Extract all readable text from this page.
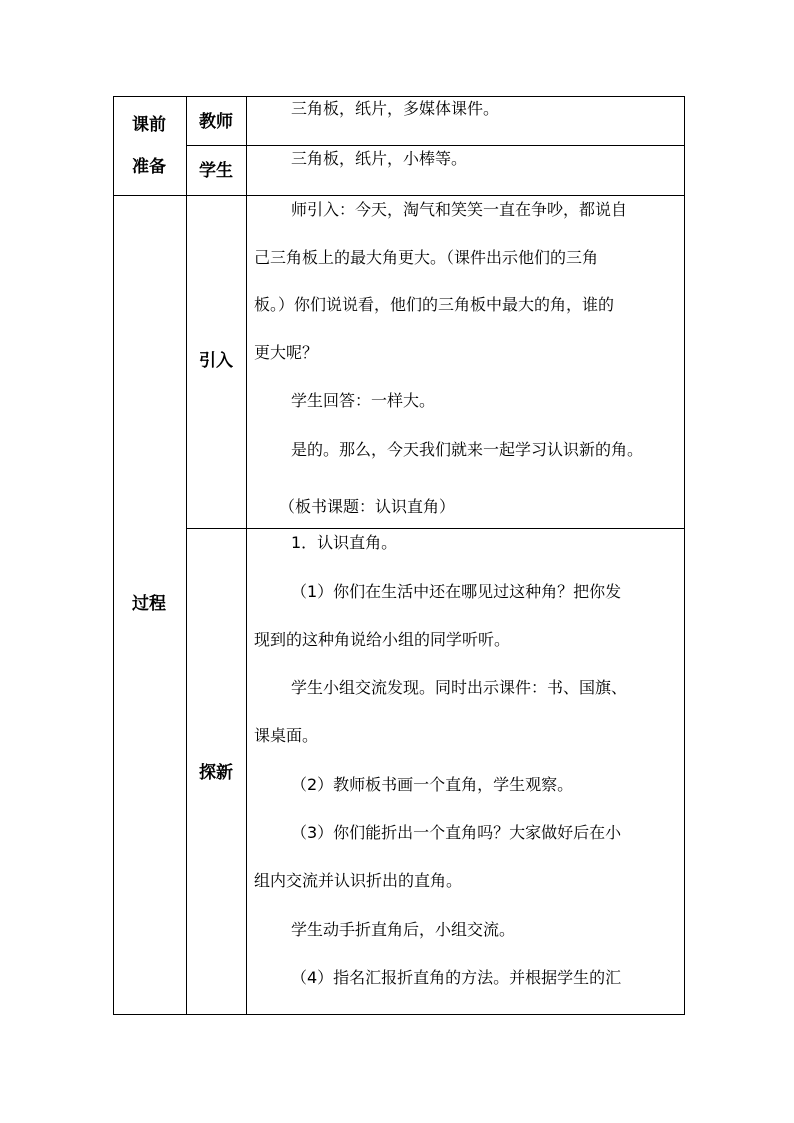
课前
准备
教师
三角板，纸片，多媒体课件。
学生
三角板，纸片，小棒等。
过程
引入
师引入：今天，淘气和笑笑一直在争吵，都说自
己三角板上的最大角更大。（课件出示他们的三角
板。）你们说说看，他们的三角板中最大的角，谁的
更大呢？
学生回答：一样大。
是的。那么，今天我们就来一起学习认识新的角。
（板书课题：认识直角）
探新
1．认识直角。
（1）你们在生活中还在哪见过这种角？把你发
现到的这种角说给小组的同学听听。
学生小组交流发现。同时出示课件：书、国旗、
课桌面。
（2）教师板书画一个直角，学生观察。
（3）你们能折出一个直角吗？大家做好后在小
组内交流并认识折出的直角。
学生动手折直角后，小组交流。
（4）指名汇报折直角的方法。并根据学生的汇
